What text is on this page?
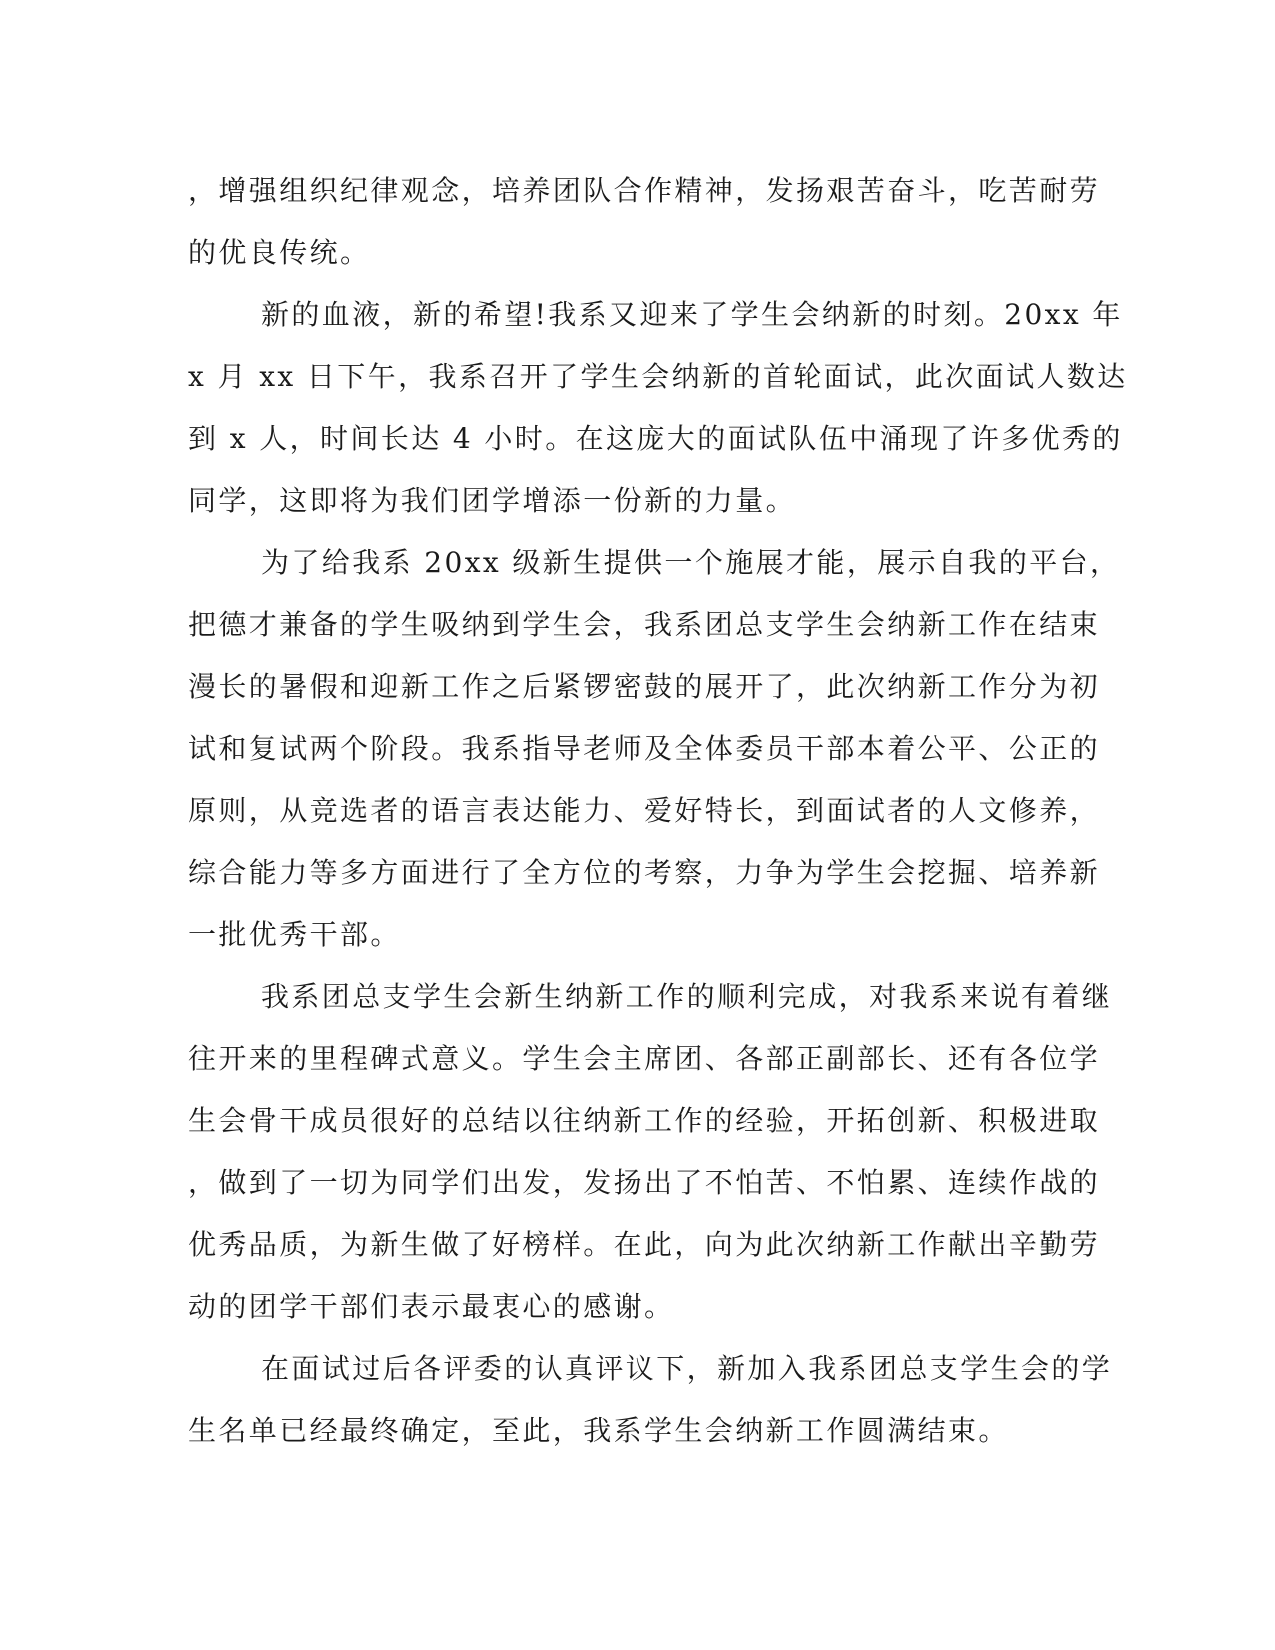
，增强组织纪律观念，培养团队合作精神，发扬艰苦奋斗，吃苦耐劳
的优良传统。
新的血液，新的希望!我系又迎来了学生会纳新的时刻。20xx 年
x 月 xx 日下午，我系召开了学生会纳新的首轮面试，此次面试人数达
到 x 人，时间长达 4 小时。在这庞大的面试队伍中涌现了许多优秀的
同学，这即将为我们团学增添一份新的力量。
为了给我系 20xx 级新生提供一个施展才能，展示自我的平台，
把德才兼备的学生吸纳到学生会，我系团总支学生会纳新工作在结束
漫长的暑假和迎新工作之后紧锣密鼓的展开了，此次纳新工作分为初
试和复试两个阶段。我系指导老师及全体委员干部本着公平、公正的
原则，从竞选者的语言表达能力、爱好特长，到面试者的人文修养，
综合能力等多方面进行了全方位的考察，力争为学生会挖掘、培养新
一批优秀干部。
我系团总支学生会新生纳新工作的顺利完成，对我系来说有着继
往开来的里程碑式意义。学生会主席团、各部正副部长、还有各位学
生会骨干成员很好的总结以往纳新工作的经验，开拓创新、积极进取
，做到了一切为同学们出发，发扬出了不怕苦、不怕累、连续作战的
优秀品质，为新生做了好榜样。在此，向为此次纳新工作献出辛勤劳
动的团学干部们表示最衷心的感谢。
在面试过后各评委的认真评议下，新加入我系团总支学生会的学
生名单已经最终确定，至此，我系学生会纳新工作圆满结束。
